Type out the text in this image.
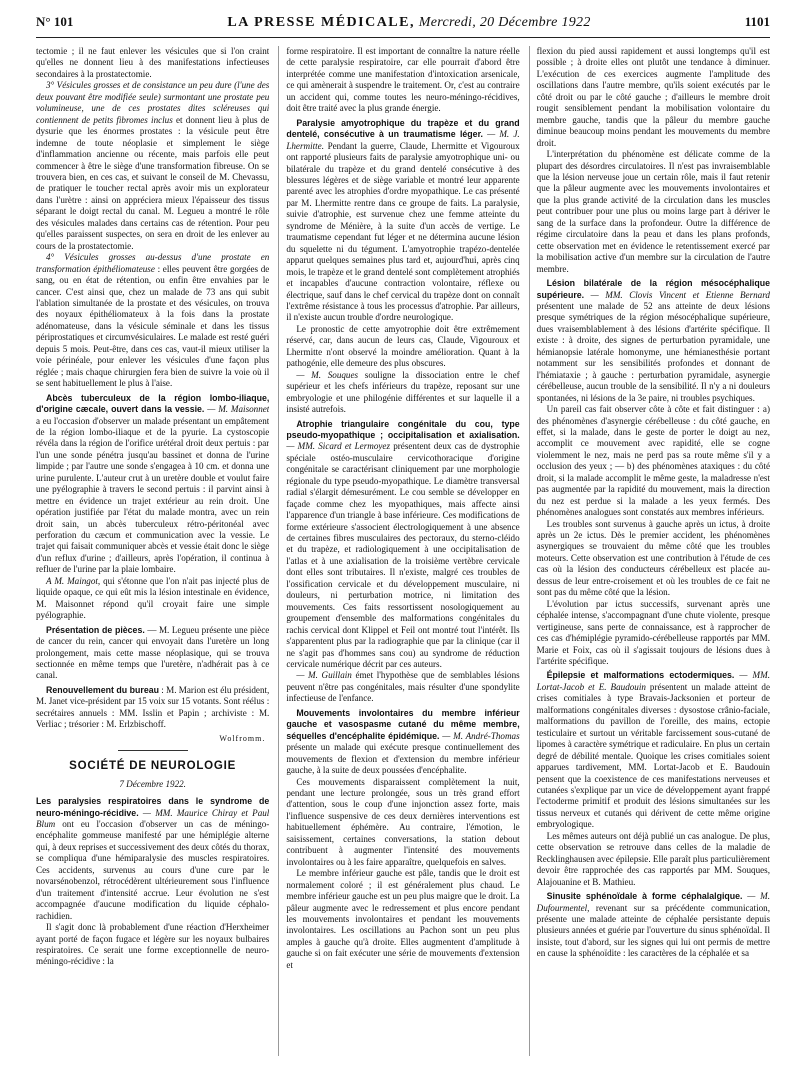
N° 101	LA PRESSE MÉDICALE, Mercredi, 20 Décembre 1922	1101

tectomie ; il ne faut enlever les vésicules que si l'on craint qu'elles ne donnent lieu à des manifestations infectieuses secondaires à la prostatectomie.

3° Vésicules grosses et de consistance un peu dure (l'une des deux pouvant être modifiée seule) surmontant une prostate peu volumineuse, une de ces prostates dites scléreuses qui contiennent de petits fibromes inclus et donnent lieu à plus de dysurie que les énormes prostates : la vésicule peut être indemne de toute néoplasie et simplement le siège d'inflammation ancienne ou récente, mais parfois elle peut commencer à être le siège d'une transformation fibreuse. On se trouvera bien, en ces cas, et suivant le conseil de M. Chevassu, de pratiquer le toucher rectal après avoir mis un explorateur dans l'urètre : ainsi on appréciera mieux l'épaisseur des tissus séparant le doigt rectal du canal. M. Legueu a montré le rôle des vésicules malades dans certains cas de rétention. Pour peu qu'elles paraissent suspectes, on sera en droit de les enlever au cours de la prostatectomie.

4° Vésicules grosses au-dessus d'une prostate en transformation épithéliomateuse : elles peuvent être gorgées de sang, ou en état de rétention, ou enfin être envahies par le cancer. C'est ainsi que, chez un malade de 73 ans qui subit l'ablation simultanée de la prostate et des vésicules, on trouva des noyaux épithéliomateux à la fois dans la prostate adénomateuse, dans la vésicule séminale et dans les tissus périprostatiques et circumvésiculaires. Le malade est resté guéri depuis 5 mois. Peut-être, dans ces cas, vaut-il mieux utiliser la voie périnéale, pour enlever les vésicules d'une façon plus réglée ; mais chaque chirurgien fera bien de suivre la voie où il se sent habituellement le plus à l'aise.

Abcès tuberculeux de la région lombo-iliaque, d'origine cæcale, ouvert dans la vessie. — M. Maisonnet a eu l'occasion d'observer un malade présentant un empâtement de la région lombo-iliaque et de la pyurie. La cystoscopie révéla dans la région de l'orifice urétéral droit deux pertuis : par l'un une sonde pénétra jusqu'au bassinet et donna de l'urine limpide ; par l'autre une sonde s'engagea à 10 cm. et donna une urine purulente. L'auteur crut à un uretère double et voulut faire une pyélographie à travers le second pertuis : il parvint ainsi à mettre en évidence un trajet extérieur au rein droit. Une opération justifiée par l'état du malade montra, avec un rein droit sain, un abcès tuberculeux rétro-péritonéal avec perforation du cæcum et communication avec la vessie. Le trajet qui faisait communiquer abcès et vessie était donc le siège d'un reflux d'urine ; d'ailleurs, après l'opération, il continua à refluer de l'urine par la plaie lombaire.

A M. Maingot, qui s'étonne que l'on n'ait pas injecté plus de liquide opaque, ce qui eût mis la lésion intestinale en évidence, M. Maisonnet répond qu'il croyait faire une simple pyélographie.

Présentation de pièces. — M. Legueu présente une pièce de cancer du rein, cancer qui envoyait dans l'uretère un long prolongement, mais cette masse néoplasique, qui se trouva sectionnée en même temps que l'uretère, n'adhérait pas à ce canal.

Renouvellement du bureau : M. Marion est élu président, M. Janet vice-président par 15 voix sur 15 votants. Sont réélus : secrétaires annuels : MM. Isslin et Papin ; archiviste : M. Verliac ; trésorier : M. Erlzbischoff.

Wolfromm.
SOCIÉTÉ DE NEUROLOGIE
7 Décembre 1922.

Les paralysies respiratoires dans le syndrome de neuro-méningo-récidive. — MM. Maurice Chiray et Paul Blum ont eu l'occasion d'observer un cas de méningo-encéphalite gommeuse manifesté par une hémiplégie alterne qui, à deux reprises et successivement des deux côtés du thorax, se compliqua d'une hémiparalysie des muscles respiratoires. Ces accidents, survenus au cours d'une cure par le novarsénobenzol, rétrocédèrent ultérieurement sous l'influence d'un traitement d'intensité accrue. Leur évolution ne s'est accompagnée d'aucune modification du liquide céphalo-rachidien.

Il s'agit donc là probablement d'une réaction d'Herxheimer ayant porté de façon fugace et légère sur les noyaux bulbaires respiratoires. Ce serait une forme exceptionnelle de neuro-méningo-récidive : la

forme respiratoire. Il est important de connaître la nature réelle de cette paralysie respiratoire, car elle pourrait d'abord être interprétée comme une manifestation d'intoxication arsenicale, ce qui amènerait à suspendre le traitement. Or, c'est au contraire un accident qui, comme toutes les neuro-méningo-récidives, doit être traité avec la plus grande énergie.

Paralysie amyotrophique du trapèze et du grand dentelé, consécutive à un traumatisme léger. — M. J. Lhermitte. Pendant la guerre, Claude, Lhermitte et Vigouroux ont rapporté plusieurs faits de paralysie amyotrophique uni- ou bilatérale du trapèze et du grand dentelé consécutive à des blessures légères et de siège variable et montré leur apparente parenté avec les atrophies d'ordre myopathique. Le cas présenté par M. Lhermitte rentre dans ce groupe de faits. La paralysie, suivie d'atrophie, est survenue chez une femme atteinte du syndrome de Ménière, à la suite d'un accès de vertige. Le traumatisme cependant fut léger et ne détermina aucune lésion du squelette ni du tégument. L'amyotrophie trapézo-dentelée apparut quelques semaines plus tard et, aujourd'hui, après cinq mois, le trapèze et le grand dentelé sont complètement atrophiés et incapables d'aucune contraction volontaire, réflexe ou électrique, sauf dans le chef cervical du trapèze dont on connaît l'extrême résistance à tous les processus d'atrophie. Par ailleurs, il n'existe aucun trouble d'ordre neurologique.

Le pronostic de cette amyotrophie doit être extrêmement réservé, car, dans aucun de leurs cas, Claude, Vigouroux et Lhermitte n'ont observé la moindre amélioration. Quant à la pathogénie, elle demeure des plus obscures.

— M. Souques souligne la dissociation entre le chef supérieur et les chefs inférieurs du trapèze, reposant sur une embryologie et une philogénie différentes et sur laquelle il a insisté autrefois.

Atrophie triangulaire congénitale du cou, type pseudo-myopathique ; occipitalisation et axialisation. — MM. Sicard et Lermoyez présentent deux cas de dystrophie spéciale ostéo-musculaire cervicothoracique d'origine congénitale se caractérisant cliniquement par une morphologie régionale du type pseudo-myopathique. Le diamètre transversal radial s'élargit démesurément. Le cou semble se développer en façade comme chez les myopathiques, mais affecte ainsi l'apparence d'un triangle à base inférieure. Ces modifications de forme extérieure s'associent électrologiquement à une absence de certaines fibres musculaires des pectoraux, du sterno-cléido et du trapèze, et radiologiquement à une occipitalisation de l'atlas et à une axialisation de la troisième vertèbre cervicale dont elles sont tributaires. Il n'existe, malgré ces troubles de l'ossification cervicale et du développement musculaire, ni douleurs, ni perturbation motrice, ni limitation des mouvements. Ces faits ressortissent nosologiquement au groupement d'ensemble des malformations congénitales du rachis cervical dont Klippel et Feil ont montré tout l'intérêt. Ils s'apparentent plus par la radiographie que par la clinique (car il ne s'agit pas d'hommes sans cou) au syndrome de réduction cervicale numérique décrit par ces auteurs.

— M. Guillain émet l'hypothèse que de semblables lésions peuvent n'être pas congénitales, mais résulter d'une spondylite infectieuse de l'enfance.

Mouvements involontaires du membre inférieur gauche et vasospasme cutané du même membre, séquelles d'encéphalite épidémique. — M. André-Thomas présente un malade qui exécute presque continuellement des mouvements de flexion et d'extension du membre inférieur gauche, à la suite de deux poussées d'encéphalite.

Ces mouvements disparaissent complètement la nuit, pendant une lecture prolongée, sous un très grand effort d'attention, sous le coup d'une injonction assez forte, mais l'influence suspensive de ces deux dernières interventions est habituellement éphémère. Au contraire, l'émotion, le saisissement, certaines conversations, la station debout contribuent à augmenter l'intensité des mouvements involontaires ou à les faire apparaître, quelquefois en salves.

Le membre inférieur gauche est pâle, tandis que le droit est normalement coloré ; il est généralement plus chaud. Le membre inférieur gauche est un peu plus maigre que le droit. La pâleur augmente avec le redressement et plus encore pendant les mouvements involontaires et pendant les mouvements involontaires. Les oscillations au Pachon sont un peu plus amples à gauche qu'à droite. Elles augmentent d'amplitude à gauche si on fait exécuter une série de mouvements d'extension et

flexion du pied aussi rapidement et aussi longtemps qu'il est possible ; à droite elles ont plutôt une tendance à diminuer. L'exécution de ces exercices augmente l'amplitude des oscillations dans l'autre membre, qu'ils soient exécutés par le côté droit ou par le côté gauche ; d'ailleurs le membre droit rougit sensiblement pendant la mobilisation volontaire du membre gauche, tandis que la pâleur du membre gauche diminue beaucoup moins pendant les mouvements du membre droit.

L'interprétation du phénomène est délicate comme de la plupart des désordres circulatoires. Il n'est pas invraisemblable que la lésion nerveuse joue un certain rôle, mais il faut retenir que la pâleur augmente avec les mouvements involontaires et que la plus grande activité de la circulation dans les muscles peut contribuer pour une plus ou moins large part à dériver le sang de la surface dans la profondeur. Outre la différence de régime circulatoire dans la peau et dans les plans profonds, cette observation met en évidence le retentissement exercé par la mobilisation active d'un membre sur la circulation de l'autre membre.

Lésion bilatérale de la région mésocéphalique supérieure. — MM. Clovis Vincent et Etienne Bernard présentent une malade de 52 ans atteinte de deux lésions presque symétriques de la région mésocéphalique supérieure, dues vraisemblablement à des lésions d'artérite spécifique. Il existe : à droite, des signes de perturbation pyramidale, une hémianopsie latérale homonyme, une hémianesthésie portant notamment sur les sensibilités profondes et donnant de l'hémiataxie ; à gauche : perturbation pyramidale, asynergie cérébelleuse, aucun trouble de la sensibilité. Il n'y a ni douleurs spontanées, ni lésions de la 3e paire, ni troubles psychiques.

Un pareil cas fait observer côte à côte et fait distinguer : a) des phénomènes d'asynergie cérébelleuse : du côté gauche, en effet, si la malade, dans le geste de porter le doigt au nez, accomplit ce mouvement avec rapidité, elle se cogne violemment le nez, mais ne perd pas sa route même s'il y a occlusion des yeux ; — b) des phénomènes ataxiques : du côté droit, si la malade accomplit le même geste, la maladresse n'est pas augmentée par la rapidité du mouvement, mais la direction du nez est perdue si la malade a les yeux fermés. Des phénomènes analogues sont constatés aux membres inférieurs.

Les troubles sont survenus à gauche après un ictus, à droite après un 2e ictus. Dès le premier accident, les phénomènes asynergiques se trouvaient du même côté que les troubles moteurs. Cette observation est une contribution à l'étude de ces cas où la lésion des conducteurs cérébelleux est placée au-dessus de leur entre-croisement et où les troubles de ce fait ne sont pas du même côté que la lésion.

L'évolution par ictus successifs, survenant après une céphalée intense, s'accompagnant d'une chute violente, presque vertigineuse, sans perte de connaissance, est à rapprocher de ces cas d'hémiplégie pyramido-cérébelleuse rapportés par MM. Marie et Foix, cas où il s'agissait toujours de lésions dues à l'artérite spécifique.

Épilepsie et malformations ectodermiques. — MM. Lortat-Jacob et E. Baudouin présentent un malade atteint de crises comitiales à type Bravais-Jacksonien et porteur de malformations congénitales diverses : dysostose crânio-faciale, malformations du pavillon de l'oreille, des mains, ectopie testiculaire et surtout un véritable farcissement sous-cutané de lipomes à caractère symétrique et radiculaire. En plus un certain degré de débilité mentale. Quoique les crises comitiales soient apparues tardivement, MM. Lortat-Jacob et E. Baudouin pensent que la coexistence de ces manifestations nerveuses et cutanées s'explique par un vice de développement ayant frappé l'ectoderme primitif et produit des lésions simultanées sur les tissus nerveux et cutanés qui dérivent de cette même origine embryologique.

Les mêmes auteurs ont déjà publié un cas analogue. De plus, cette observation se retrouve dans celles de la maladie de Recklinghausen avec épilepsie. Elle paraît plus particulièrement devoir être rapprochée des cas rapportés par MM. Souques, Alajouanine et B. Mathieu.

Sinusite sphénoïdale à forme céphalalgique. — M. Dufourmentel, revenant sur sa précédente communication, présente une malade atteinte de céphalée persistante depuis plusieurs années et guérie par l'ouverture du sinus sphénoïdal. Il insiste, tout d'abord, sur les signes qui lui ont permis de mettre en cause la sphénoïdite : les caractères de la céphalée et sa
